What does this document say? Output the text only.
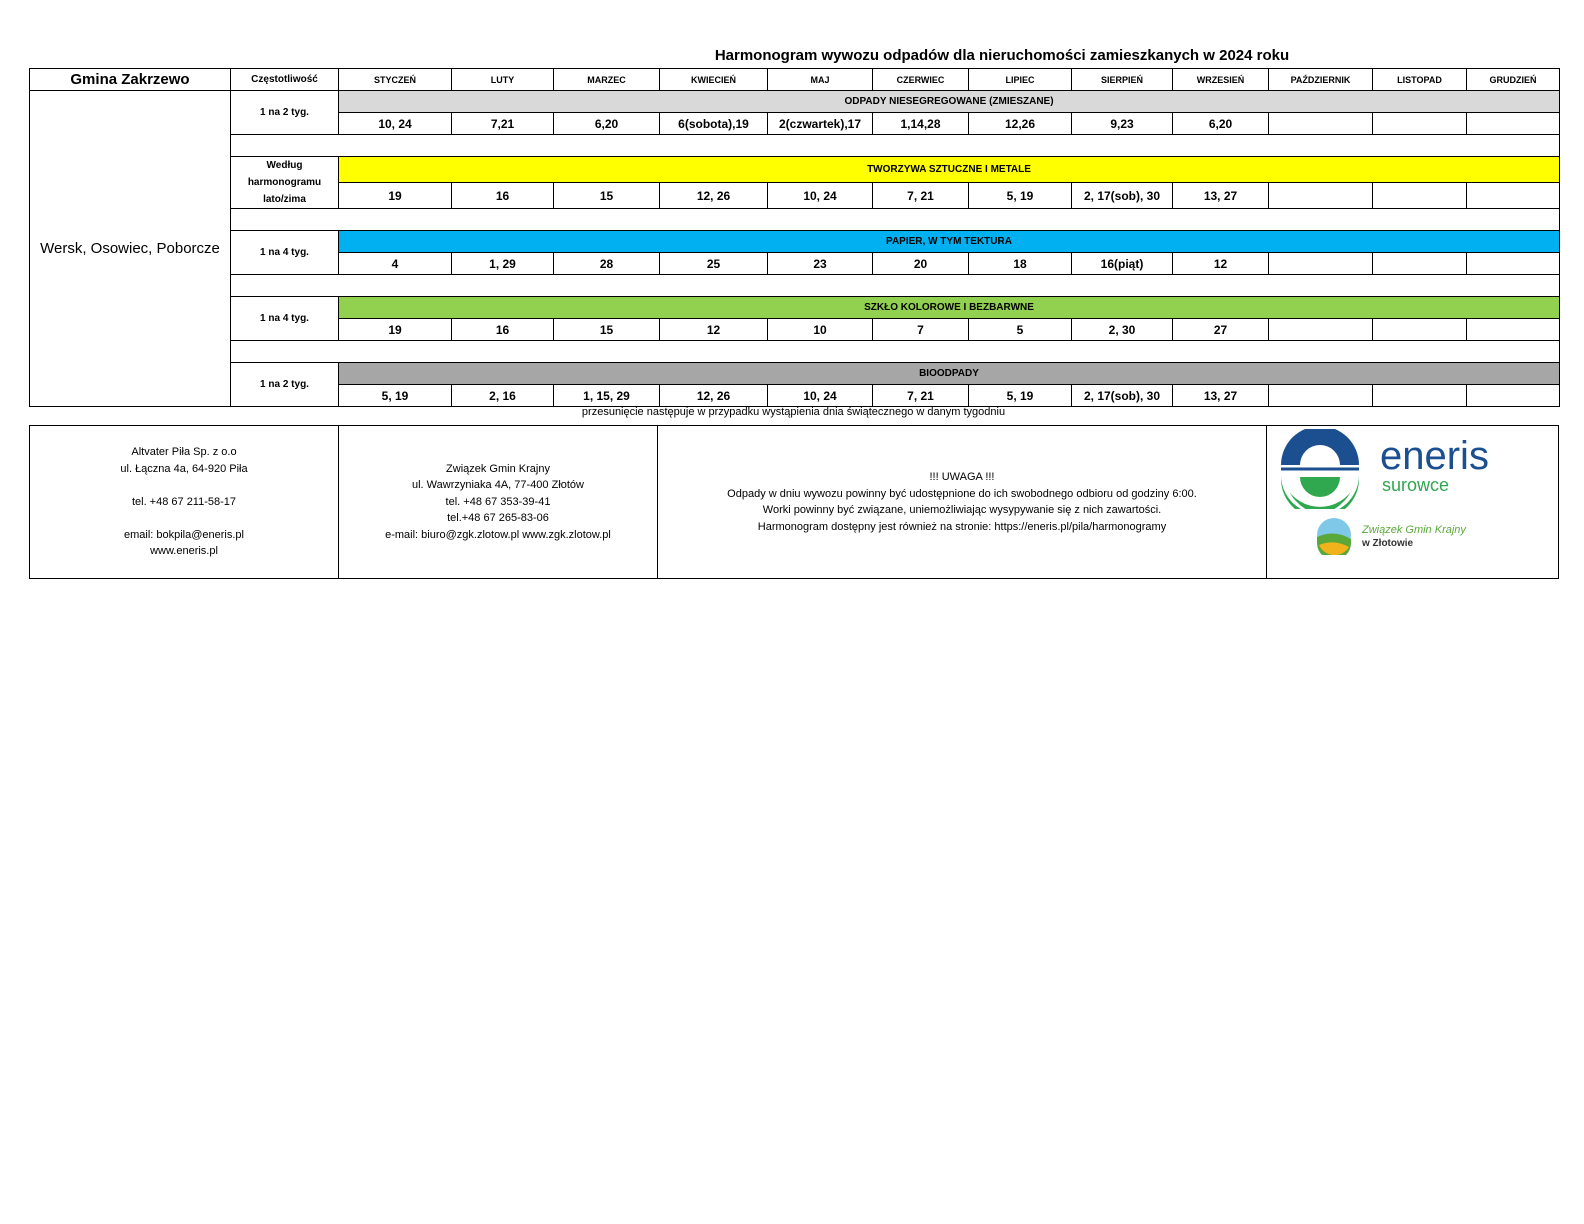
Harmonogram wywozu odpadów dla nieruchomości zamieszkanych w 2024 roku
Gmina Zakrzewo	Częstotliwość	STYCZEŃ	LUTY	MARZEC	KWIECIEŃ	MAJ	CZERWIEC	LIPIEC	SIERPIEŃ	WRZESIEŃ	PAŹDZIERNIK	LISTOPAD	GRUDZIEŃ
Wersk, Osowiec, Poborcze	1 na 2 tyg.	ODPADY NIESEGREGOWANE (ZMIESZANE)											
		10, 24	7,21	6,20	6(sobota),19	2(czwartek),17	1,14,28	12,26	9,23	6,20			

	Według harmonogramu lato/zima	TWORZYWA SZTUCZNE I METALE											
		19	16	15	12, 26	10, 24	7, 21	5, 19	2, 17(sob), 30	13, 27			

	1 na 4 tyg.	PAPIER, W TYM TEKTURA											
		4	1, 29	28	25	23	20	18	16(piąt)	12			

	1 na 4 tyg.	SZKŁO KOLOROWE I BEZBARWNE											
		19	16	15	12	10	7	5	2, 30	27			

	1 na 2 tyg.	BIOODPADY											
		5, 19	2, 16	1, 15, 29	12, 26	10, 24	7, 21	5, 19	2, 17(sob), 30	13, 27			
przesunięcie następuje w przypadku wystąpienia dnia świątecznego w danym tygodniu
Altvater Piła Sp. z o.o
ul. Łączna 4a, 64-920 Piła
tel. +48 67 211-58-17
email: bokpila@eneris.pl
www.eneris.pl

Związek Gmin Krajny
ul. Wawrzyniaka 4A, 77-400 Złotów
tel. +48 67 353-39-41
tel.+48 67 265-83-06
e-mail: biuro@zgk.zlotow.pl www.zgk.zlotow.pl

!!! UWAGA !!!
Odpady w dniu wywozu powinny być udostępnione do ich swobodnego odbioru od godziny 6:00.
Worki powinny być związane, uniemożliwiając wysypywanie się z nich zawartości.
Harmonogram dostępny jest również na stronie: https://eneris.pl/pila/harmonogramy

eneris
surowce
Związek Gmin Krajny
w Złotowie
